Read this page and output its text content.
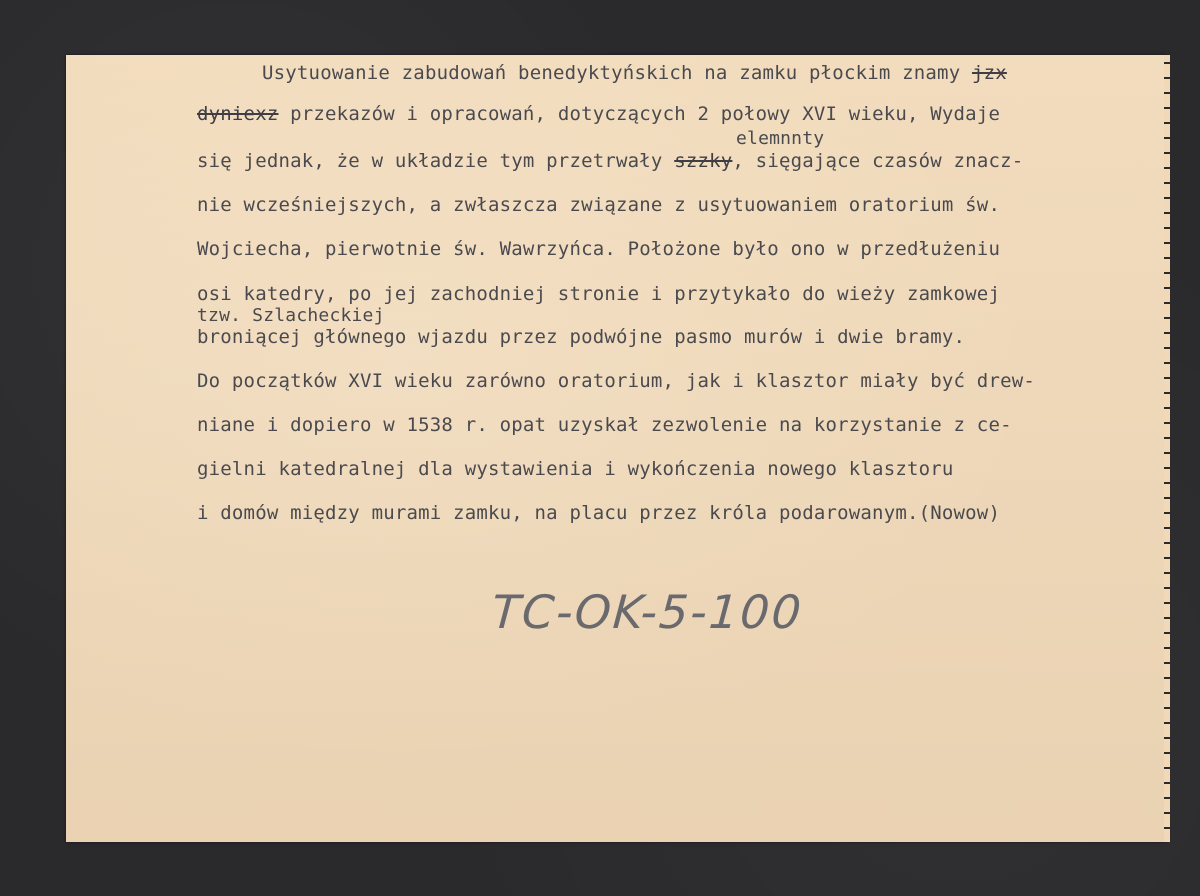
Usytuowanie zabudowań benedyktyńskich na zamku płockim znamy jzx
dyniexz przekazów i opracowań, dotyczących 2 połowy XVI wieku, Wydaje
elemnnty
się jednak, że w układzie tym przetrwały szzky, sięgające czasów znacz-
nie wcześniejszych, a zwłaszcza związane z usytuowaniem oratorium św.
Wojciecha, pierwotnie św. Wawrzyńca. Położone było ono w przedłużeniu
osi katedry, po jej zachodniej stronie i przytykało do wieży zamkowej
tzw. Szlacheckiej
broniącej głównego wjazdu przez podwójne pasmo murów i dwie bramy.
Do początków XVI wieku zarówno oratorium, jak i klasztor miały być drew-
niane i dopiero w 1538 r. opat uzyskał zezwolenie na korzystanie z ce-
gielni katedralnej dla wystawienia i wykończenia nowego klasztoru
i domów między murami zamku, na placu przez króla podarowanym.(Nowow)
TC-OK-5-100
